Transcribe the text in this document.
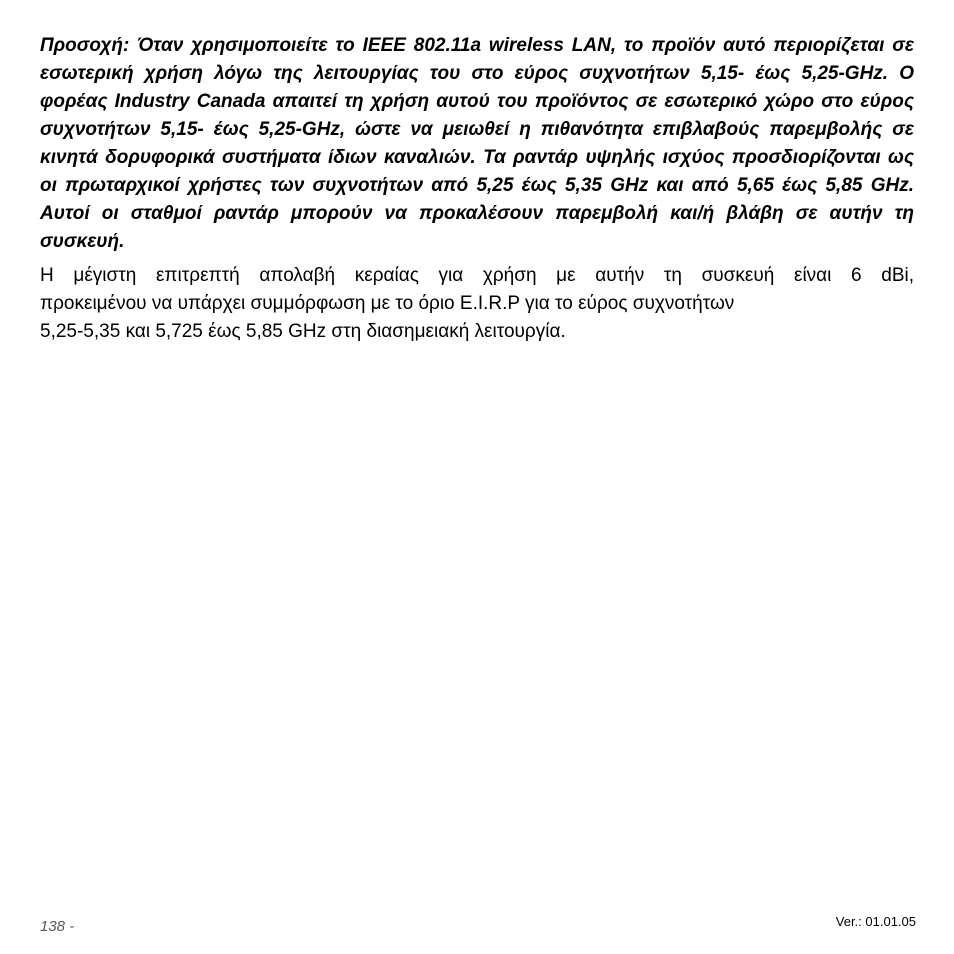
Προσοχή: Όταν χρησιμοποιείτε το IEEE 802.11a wireless LAN, το προϊόν αυτό περιορίζεται σε εσωτερική χρήση λόγω της λειτουργίας του στο εύρος συχνοτήτων 5,15- έως 5,25-GHz. Ο φορέας Industry Canada απαιτεί τη χρήση αυτού του προϊόντος σε εσωτερικό χώρο στο εύρος συχνοτήτων 5,15- έως 5,25-GHz, ώστε να μειωθεί η πιθανότητα επιβλαβούς παρεμβολής σε κινητά δορυφορικά συστήματα ίδιων καναλιών. Τα ραντάρ υψηλής ισχύος προσδιορίζονται ως οι πρωταρχικοί χρήστες των συχνοτήτων από 5,25 έως 5,35 GHz και από 5,65 έως 5,85 GHz. Αυτοί οι σταθμοί ραντάρ μπορούν να προκαλέσουν παρεμβολή και/ή βλάβη σε αυτήν τη συσκευή.

Η μέγιστη επιτρεπτή απολαβή κεραίας για χρήση με αυτήν τη συσκευή είναι 6 dBi,
προκειμένου να υπάρχει συμμόρφωση με το όριο E.I.R.P για το εύρος συχνοτήτων
5,25-5,35 και 5,725 έως 5,85 GHz στη διασημειακή λειτουργία.

138 -	Ver.: 01.01.05
